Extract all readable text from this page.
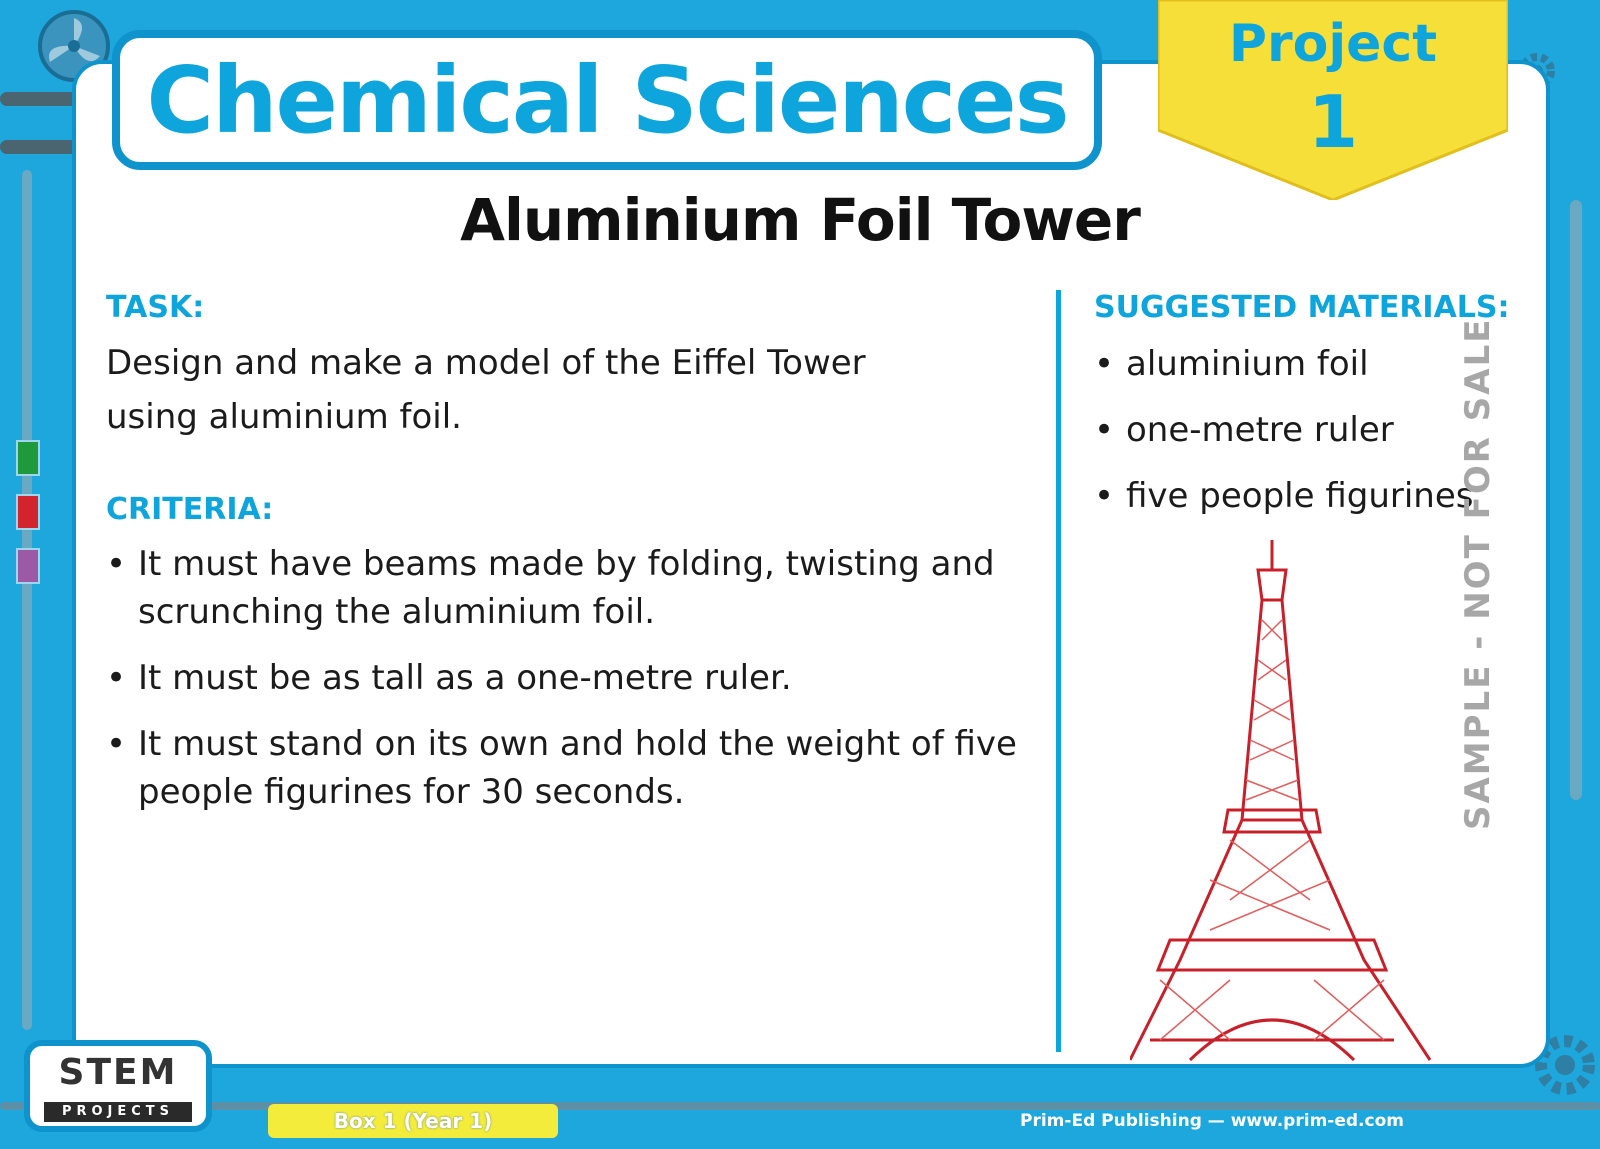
Chemical Sciences
Project
1
Aluminium Foil Tower
TASK:
Design and make a model of the Eiffel Tower
using aluminium foil.
CRITERIA:
• It must have beams made by folding, twisting and scrunching the aluminium foil.
• It must be as tall as a one-metre ruler.
• It must stand on its own and hold the weight of five people figurines for 30 seconds.
SUGGESTED MATERIALS:
• aluminium foil
• one-metre ruler
• five people figurines
SAMPLE - NOT FOR SALE
STEM
PROJECTS	Box 1 (Year 1)	Prim-Ed Publishing — www.prim-ed.com
